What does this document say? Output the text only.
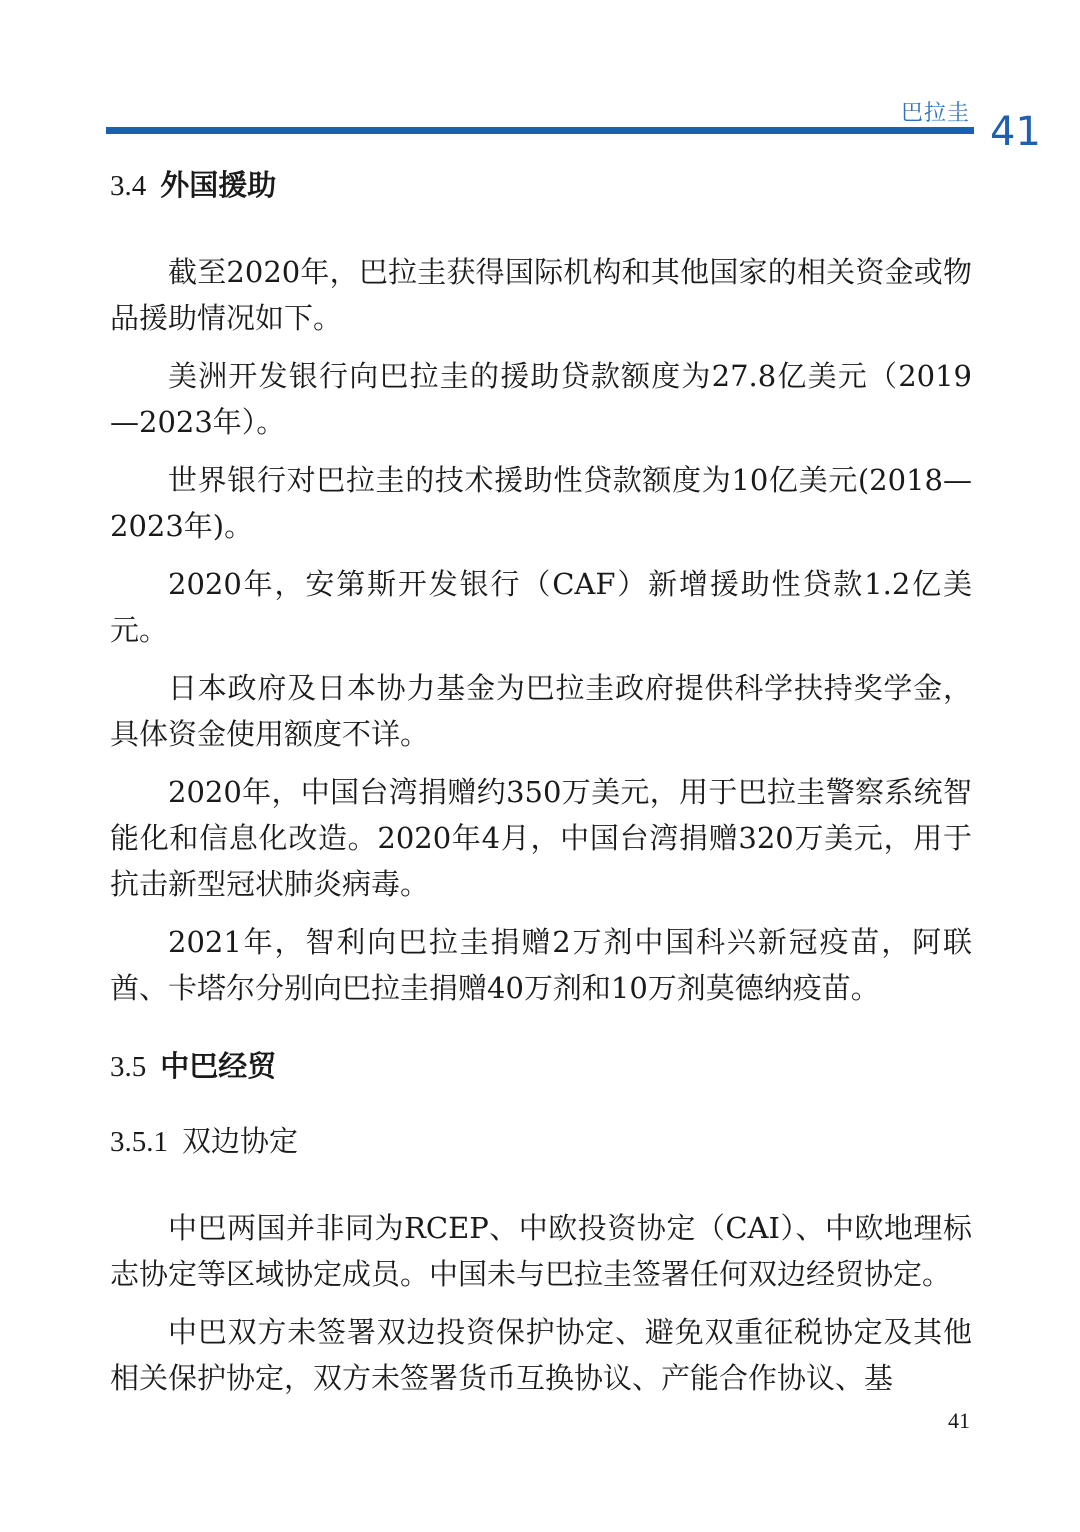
巴拉圭 41
3.4 外国援助

截至2020年，巴拉圭获得国际机构和其他国家的相关资金或物品援助情况如下。

美洲开发银行向巴拉圭的援助贷款额度为27.8亿美元（2019—2023年）。

世界银行对巴拉圭的技术援助性贷款额度为10亿美元(2018—2023年)。

2020年，安第斯开发银行（CAF）新增援助性贷款1.2亿美元。

日本政府及日本协力基金为巴拉圭政府提供科学扶持奖学金，具体资金使用额度不详。

2020年，中国台湾捐赠约350万美元，用于巴拉圭警察系统智能化和信息化改造。2020年4月，中国台湾捐赠320万美元，用于抗击新型冠状肺炎病毒。

2021年，智利向巴拉圭捐赠2万剂中国科兴新冠疫苗，阿联酋、卡塔尔分别向巴拉圭捐赠40万剂和10万剂莫德纳疫苗。

3.5 中巴经贸
3.5.1 双边协定

中巴两国并非同为RCEP、中欧投资协定（CAI）、中欧地理标志协定等区域协定成员。中国未与巴拉圭签署任何双边经贸协定。

中巴双方未签署双边投资保护协定、避免双重征税协定及其他相关保护协定，双方未签署货币互换协议、产能合作协议、基

41
